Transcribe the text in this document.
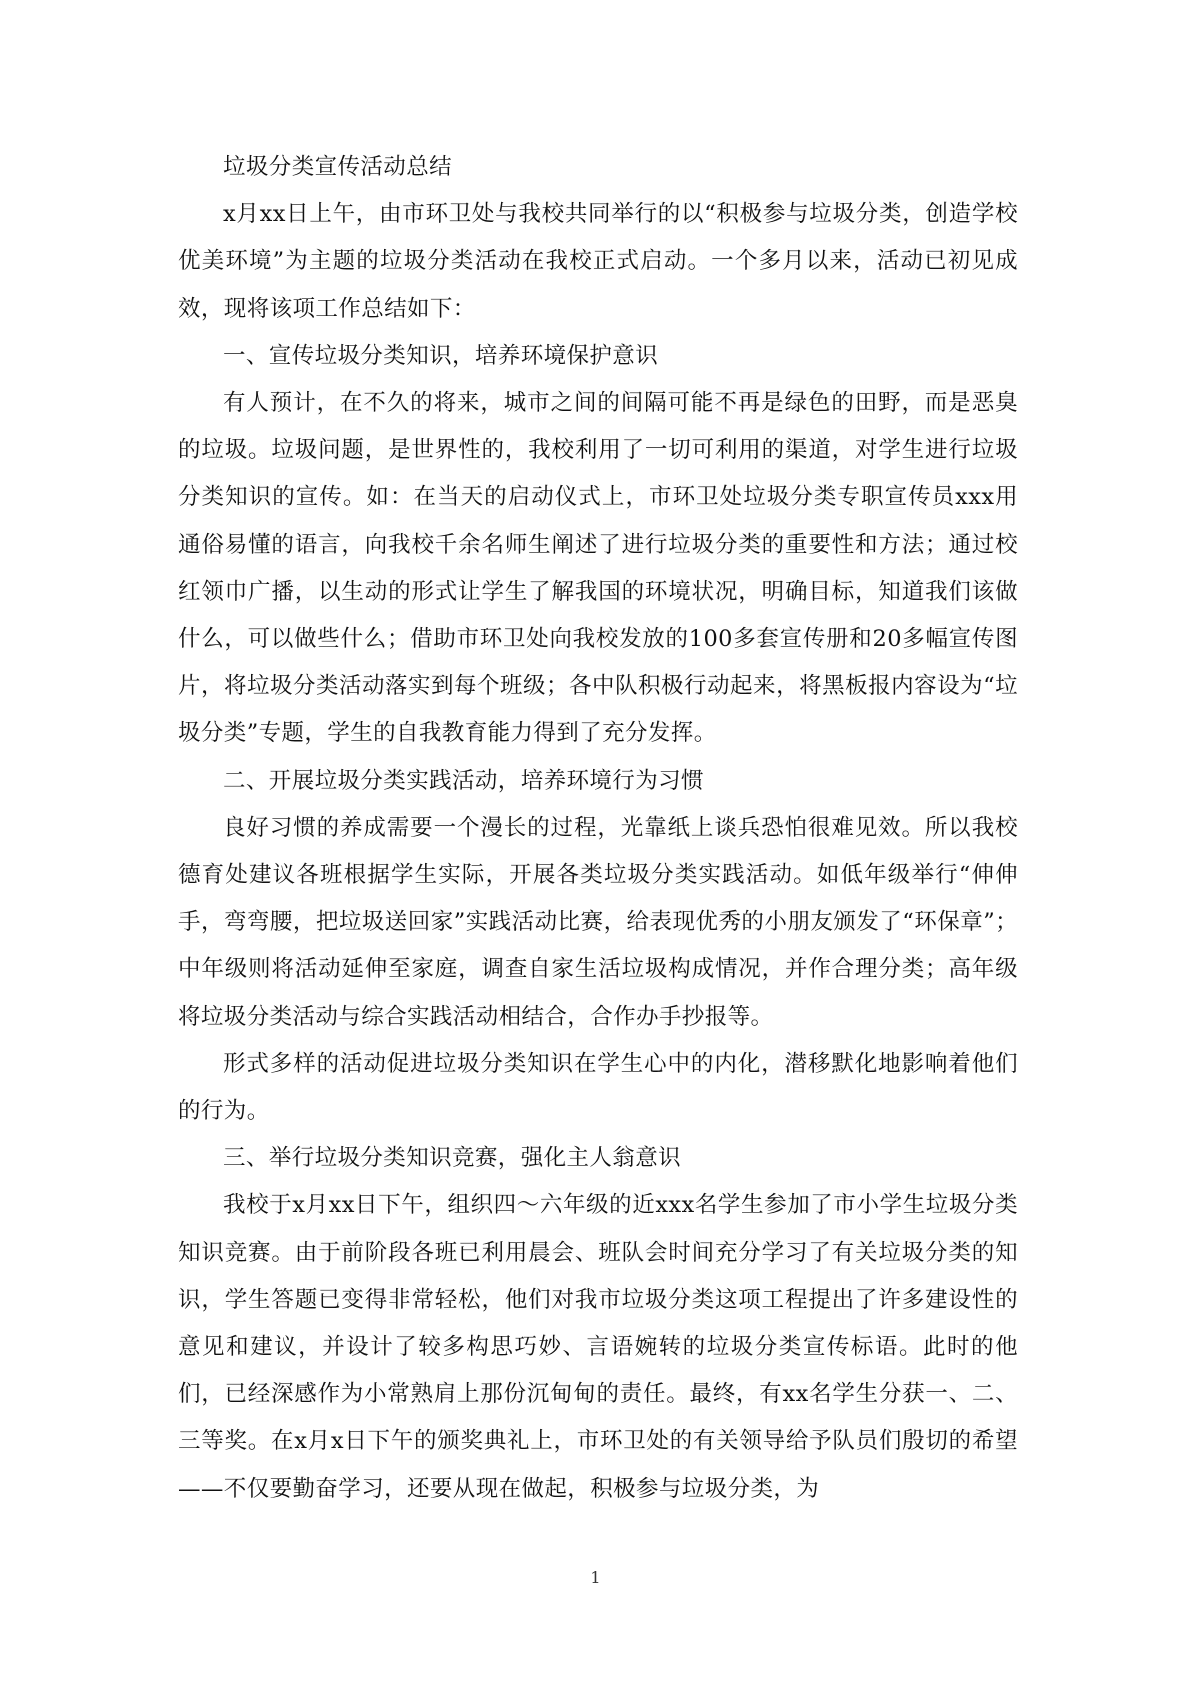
垃圾分类宣传活动总结

x月xx日上午，由市环卫处与我校共同举行的以“积极参与垃圾分类，创造学校优美环境”为主题的垃圾分类活动在我校正式启动。一个多月以来，活动已初见成效，现将该项工作总结如下：

一、宣传垃圾分类知识，培养环境保护意识

有人预计，在不久的将来，城市之间的间隔可能不再是绿色的田野，而是恶臭的垃圾。垃圾问题，是世界性的，我校利用了一切可利用的渠道，对学生进行垃圾分类知识的宣传。如：在当天的启动仪式上，市环卫处垃圾分类专职宣传员xxx用通俗易懂的语言，向我校千余名师生阐述了进行垃圾分类的重要性和方法；通过校红领巾广播，以生动的形式让学生了解我国的环境状况，明确目标，知道我们该做什么，可以做些什么；借助市环卫处向我校发放的100多套宣传册和20多幅宣传图片，将垃圾分类活动落实到每个班级；各中队积极行动起来，将黑板报内容设为“垃圾分类”专题，学生的自我教育能力得到了充分发挥。

二、开展垃圾分类实践活动，培养环境行为习惯

良好习惯的养成需要一个漫长的过程，光靠纸上谈兵恐怕很难见效。所以我校德育处建议各班根据学生实际，开展各类垃圾分类实践活动。如低年级举行“伸伸手，弯弯腰，把垃圾送回家”实践活动比赛，给表现优秀的小朋友颁发了“环保章”；中年级则将活动延伸至家庭，调查自家生活垃圾构成情况，并作合理分类；高年级将垃圾分类活动与综合实践活动相结合，合作办手抄报等。

形式多样的活动促进垃圾分类知识在学生心中的内化，潜移默化地影响着他们的行为。

三、举行垃圾分类知识竞赛，强化主人翁意识

我校于x月xx日下午，组织四～六年级的近xxx名学生参加了市小学生垃圾分类知识竞赛。由于前阶段各班已利用晨会、班队会时间充分学习了有关垃圾分类的知识，学生答题已变得非常轻松，他们对我市垃圾分类这项工程提出了许多建设性的意见和建议，并设计了较多构思巧妙、言语婉转的垃圾分类宣传标语。此时的他们，已经深感作为小常熟肩上那份沉甸甸的责任。最终，有xx名学生分获一、二、三等奖。在x月x日下午的颁奖典礼上，市环卫处的有关领导给予队员们殷切的希望——不仅要勤奋学习，还要从现在做起，积极参与垃圾分类，为

1
